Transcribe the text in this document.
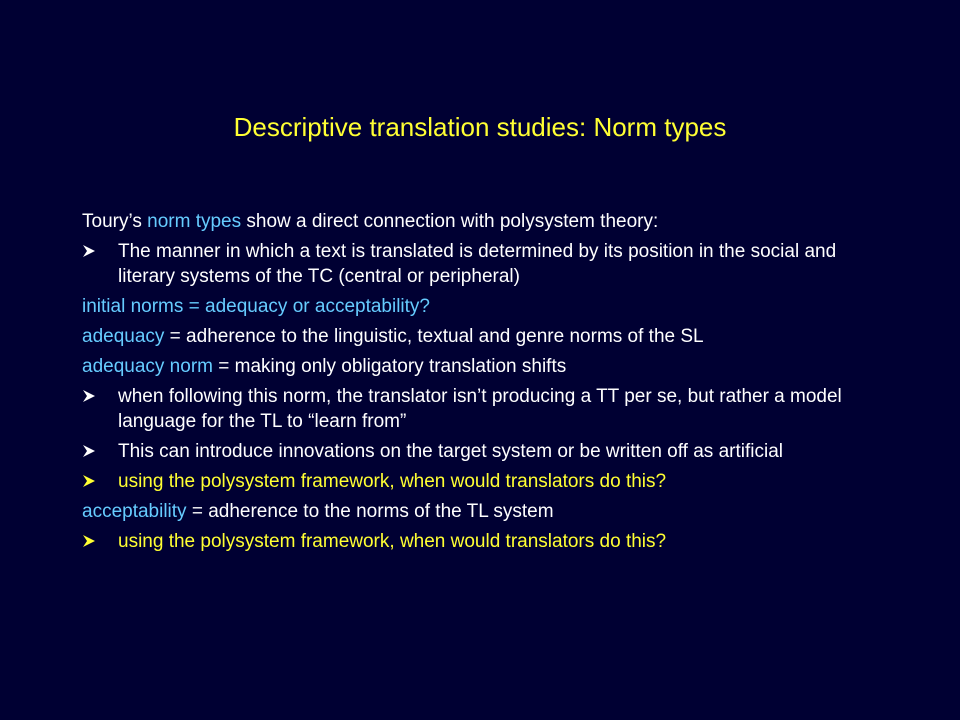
Descriptive translation studies: Norm types

Toury’s norm types show a direct connection with polysystem theory:

The manner in which a text is translated is determined by its position in the social and literary systems of the TC (central or peripheral)

initial norms = adequacy or acceptability?

adequacy = adherence to the linguistic, textual and genre norms of the SL

adequacy norm = making only obligatory translation shifts

when following this norm, the translator isn’t producing a TT per se, but rather a model language for the TL to “learn from”
This can introduce innovations on the target system or be written off as artificial
using the polysystem framework, when would translators do this?

acceptability = adherence to the norms of the TL system

using the polysystem framework, when would translators do this?
